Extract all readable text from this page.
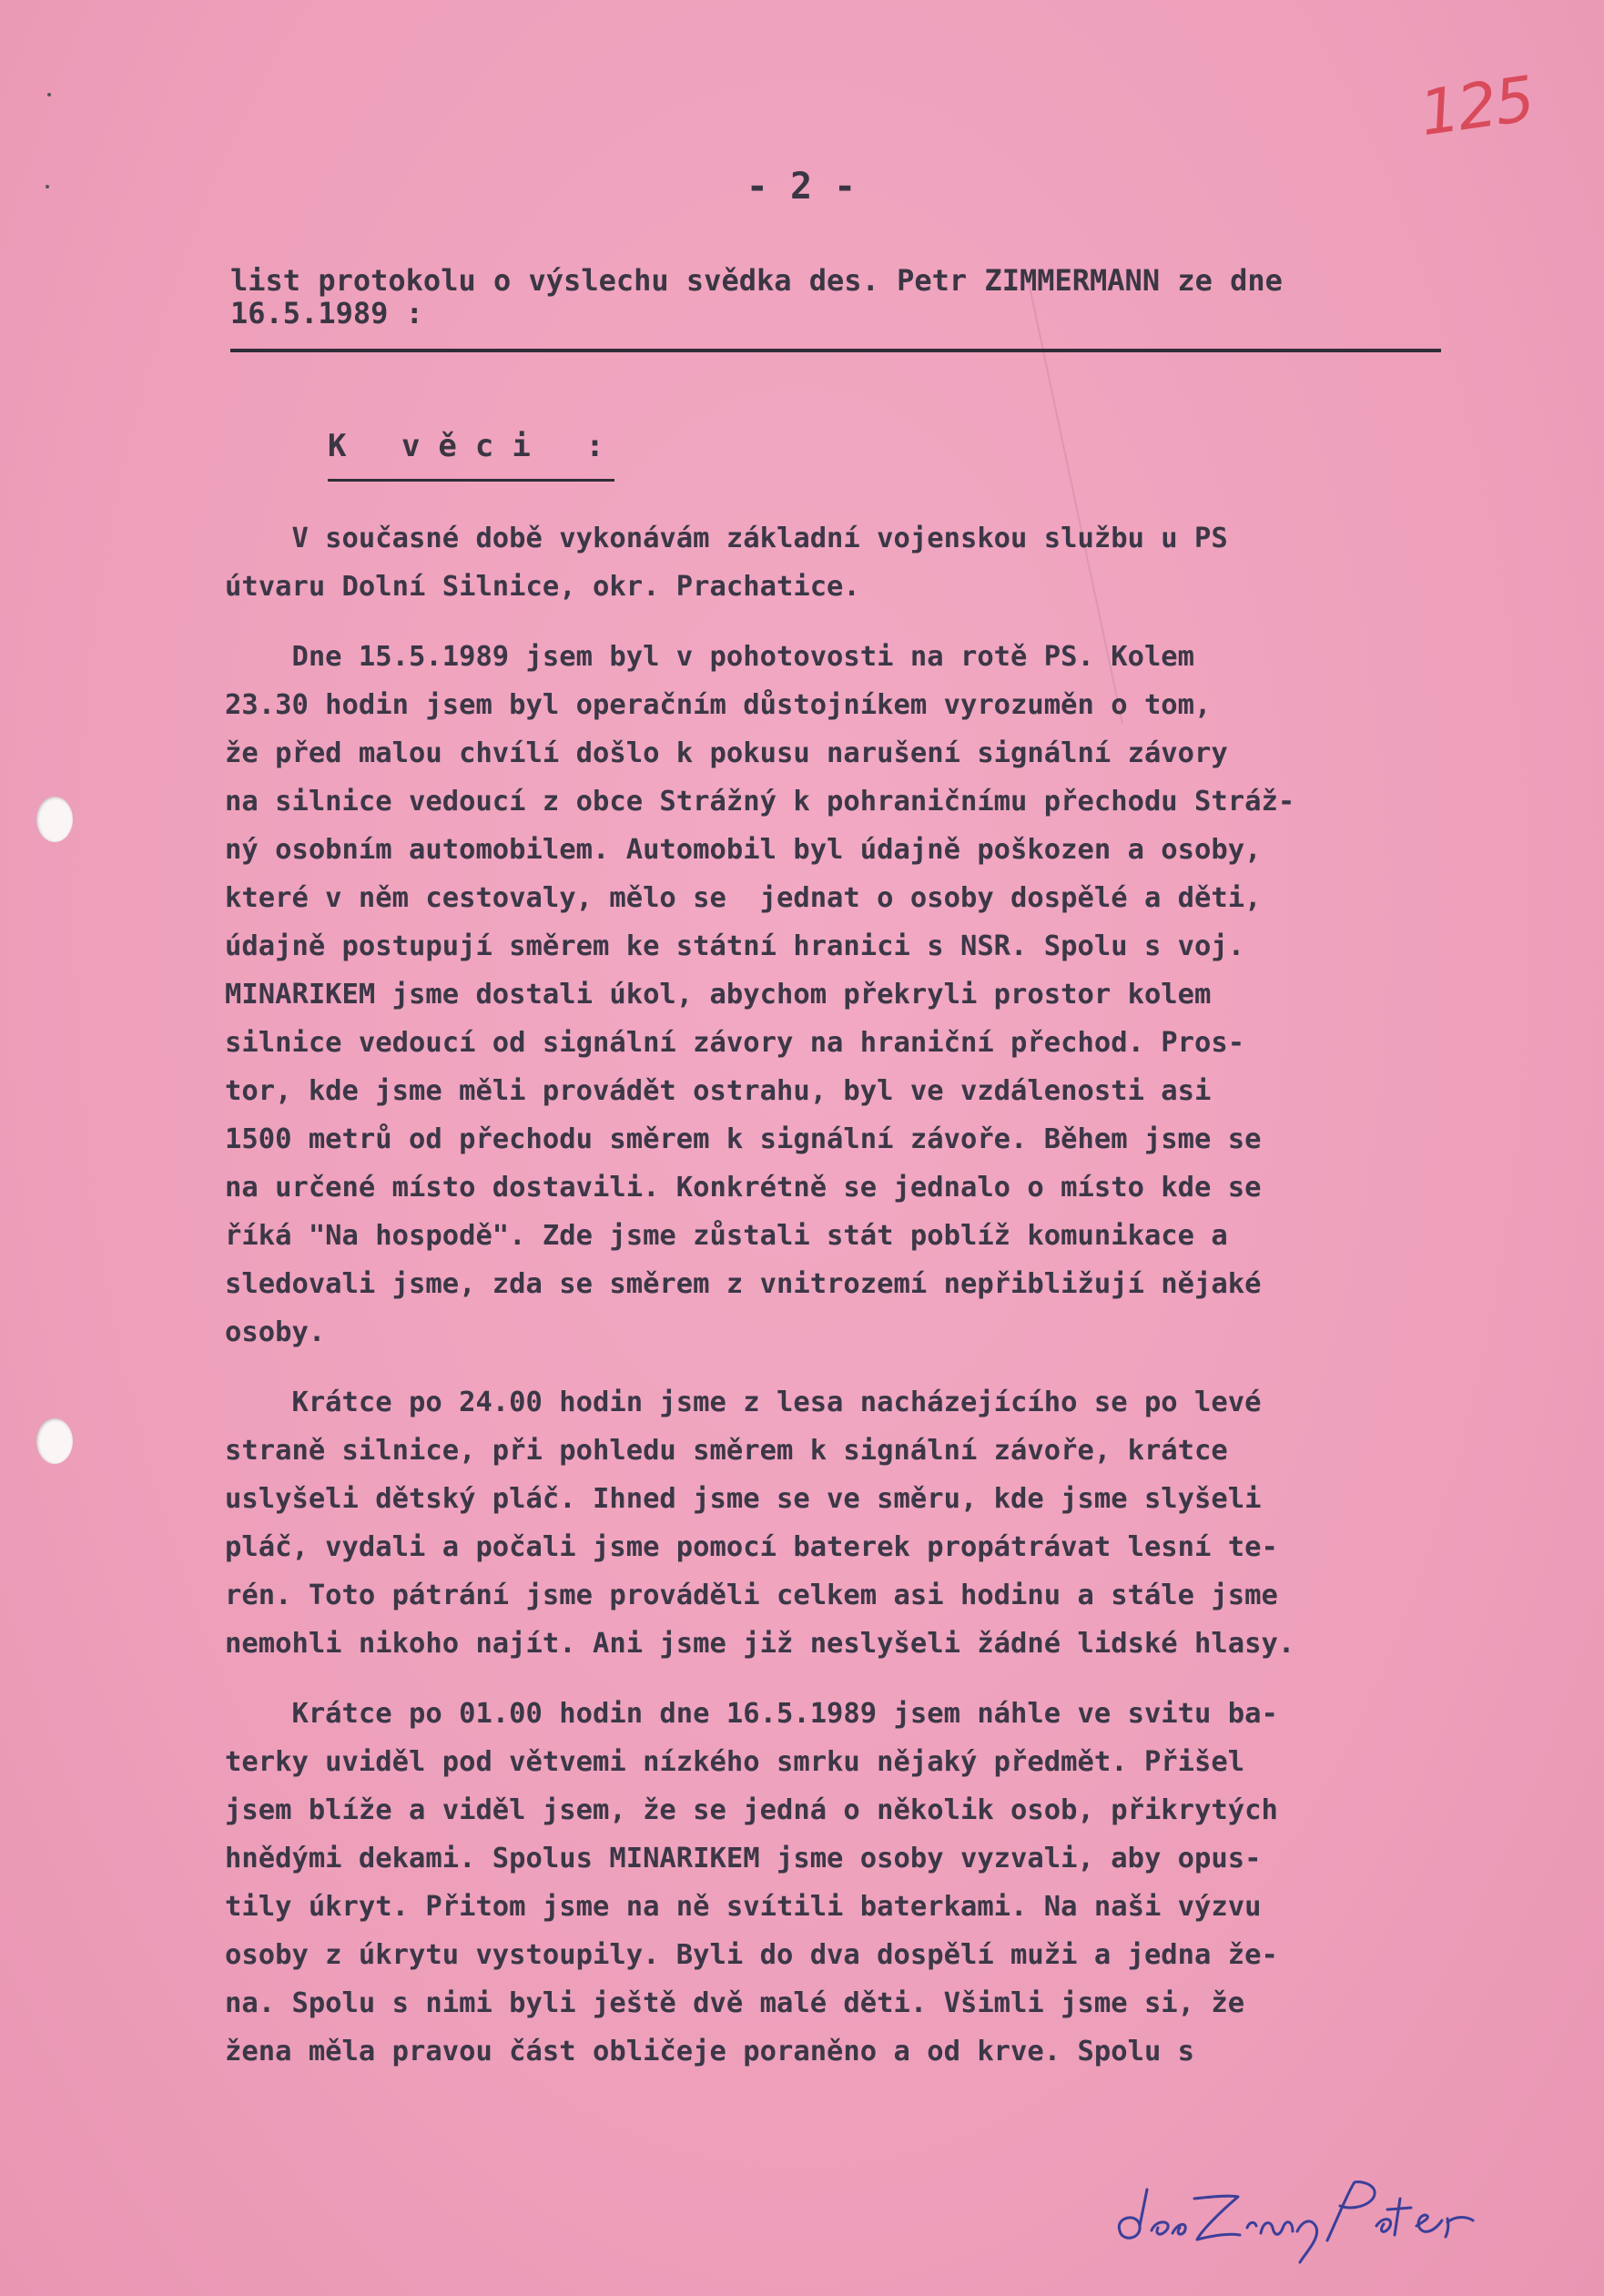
125
- 2 -

list protokolu o výslechu svědka des. Petr ZIMMERMANN ze dne
16.5.1989 :

K věci :
V současné době vykonávám základní vojenskou službu u PS
útvaru Dolní Silnice, okr. Prachatice.
Dne 15.5.1989 jsem byl v pohotovosti na rotě PS. Kolem
23.30 hodin jsem byl operačním důstojníkem vyrozuměn o tom,
že před malou chvílí došlo k pokusu narušení signální závory
na silnice vedoucí z obce Strážný k pohraničnímu přechodu Stráž-
ný osobním automobilem. Automobil byl údajně poškozen a osoby,
které v něm cestovaly, mělo se  jednat o osoby dospělé a děti,
údajně postupují směrem ke státní hranici s NSR. Spolu s voj.
MINARIKEM jsme dostali úkol, abychom překryli prostor kolem
silnice vedoucí od signální závory na hraniční přechod. Pros-
tor, kde jsme měli provádět ostrahu, byl ve vzdálenosti asi
1500 metrů od přechodu směrem k signální závoře. Během jsme se
na určené místo dostavili. Konkrétně se jednalo o místo kde se
říká "Na hospodě". Zde jsme zůstali stát poblíž komunikace a
sledovali jsme, zda se směrem z vnitrozemí nepřibližují nějaké
osoby.
Krátce po 24.00 hodin jsme z lesa nacházejícího se po levé
straně silnice, při pohledu směrem k signální závoře, krátce
uslyšeli dětský pláč. Ihned jsme se ve směru, kde jsme slyšeli
pláč, vydali a počali jsme pomocí baterek propátrávat lesní te-
rén. Toto pátrání jsme prováděli celkem asi hodinu a stále jsme
nemohli nikoho najít. Ani jsme již neslyšeli žádné lidské hlasy.
Krátce po 01.00 hodin dne 16.5.1989 jsem náhle ve svitu ba-
terky uviděl pod větvemi nízkého smrku nějaký předmět. Přišel
jsem blíže a viděl jsem, že se jedná o několik osob, přikrytých
hnědými dekami. Spolus MINARIKEM jsme osoby vyzvali, aby opus-
tily úkryt. Přitom jsme na ně svítili baterkami. Na naši výzvu
osoby z úkrytu vystoupily. Byli do dva dospělí muži a jedna že-
na. Spolu s nimi byli ještě dvě malé děti. Všimli jsme si, že
žena měla pravou část obličeje poraněno a od krve. Spolu s
